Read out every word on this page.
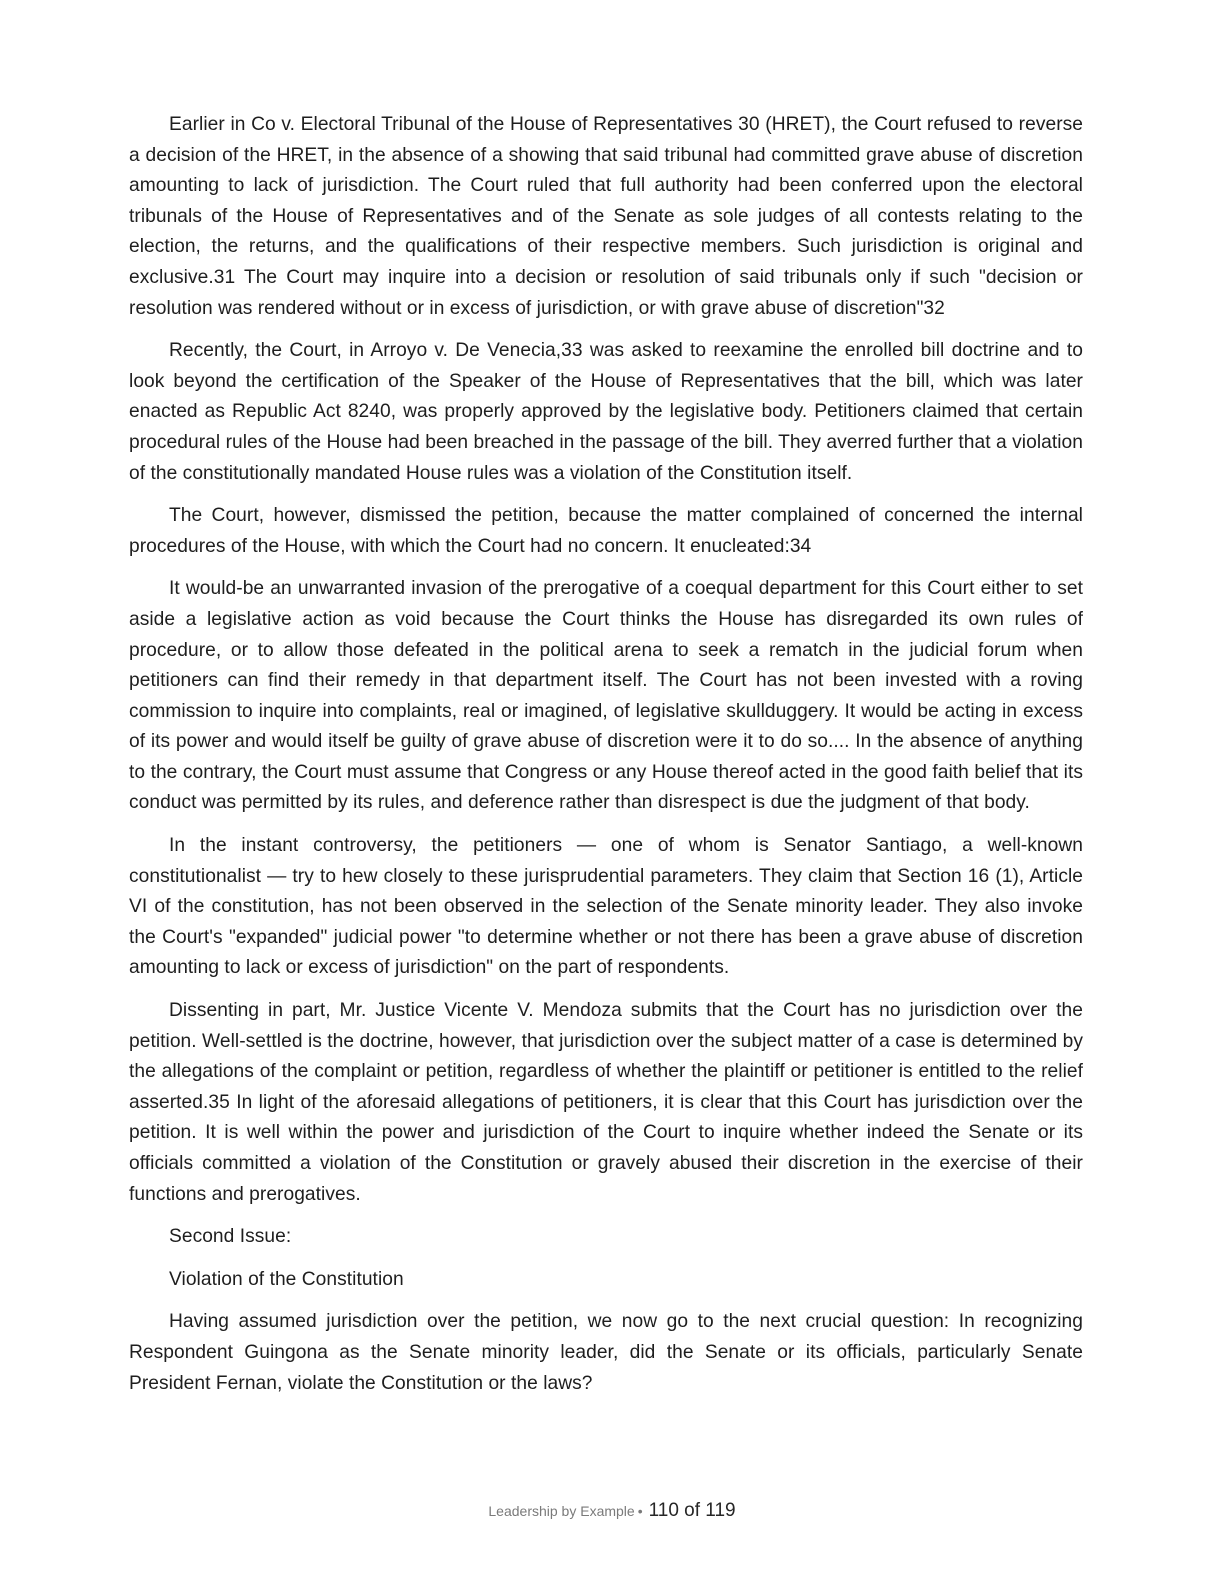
Earlier in Co v. Electoral Tribunal of the House of Representatives 30 (HRET), the Court refused to reverse a decision of the HRET, in the absence of a showing that said tribunal had committed grave abuse of discretion amounting to lack of jurisdiction. The Court ruled that full authority had been conferred upon the electoral tribunals of the House of Representatives and of the Senate as sole judges of all contests relating to the election, the returns, and the qualifications of their respective members. Such jurisdiction is original and exclusive.31 The Court may inquire into a decision or resolution of said tribunals only if such "decision or resolution was rendered without or in excess of jurisdiction, or with grave abuse of discretion"32

Recently, the Court, in Arroyo v. De Venecia,33 was asked to reexamine the enrolled bill doctrine and to look beyond the certification of the Speaker of the House of Representatives that the bill, which was later enacted as Republic Act 8240, was properly approved by the legislative body. Petitioners claimed that certain procedural rules of the House had been breached in the passage of the bill. They averred further that a violation of the constitutionally mandated House rules was a violation of the Constitution itself.

The Court, however, dismissed the petition, because the matter complained of concerned the internal procedures of the House, with which the Court had no concern. It enucleated:34

It would-be an unwarranted invasion of the prerogative of a coequal department for this Court either to set aside a legislative action as void because the Court thinks the House has disregarded its own rules of procedure, or to allow those defeated in the political arena to seek a rematch in the judicial forum when petitioners can find their remedy in that department itself. The Court has not been invested with a roving commission to inquire into complaints, real or imagined, of legislative skullduggery. It would be acting in excess of its power and would itself be guilty of grave abuse of discretion were it to do so.... In the absence of anything to the contrary, the Court must assume that Congress or any House thereof acted in the good faith belief that its conduct was permitted by its rules, and deference rather than disrespect is due the judgment of that body.

In the instant controversy, the petitioners — one of whom is Senator Santiago, a well-known constitutionalist — try to hew closely to these jurisprudential parameters. They claim that Section 16 (1), Article VI of the constitution, has not been observed in the selection of the Senate minority leader. They also invoke the Court's "expanded" judicial power "to determine whether or not there has been a grave abuse of discretion amounting to lack or excess of jurisdiction" on the part of respondents.

Dissenting in part, Mr. Justice Vicente V. Mendoza submits that the Court has no jurisdiction over the petition. Well-settled is the doctrine, however, that jurisdiction over the subject matter of a case is determined by the allegations of the complaint or petition, regardless of whether the plaintiff or petitioner is entitled to the relief asserted.35 In light of the aforesaid allegations of petitioners, it is clear that this Court has jurisdiction over the petition. It is well within the power and jurisdiction of the Court to inquire whether indeed the Senate or its officials committed a violation of the Constitution or gravely abused their discretion in the exercise of their functions and prerogatives.

Second Issue:

Violation of the Constitution

Having assumed jurisdiction over the petition, we now go to the next crucial question: In recognizing Respondent Guingona as the Senate minority leader, did the Senate or its officials, particularly Senate President Fernan, violate the Constitution or the laws?

Leadership by Example • 110 of 119
